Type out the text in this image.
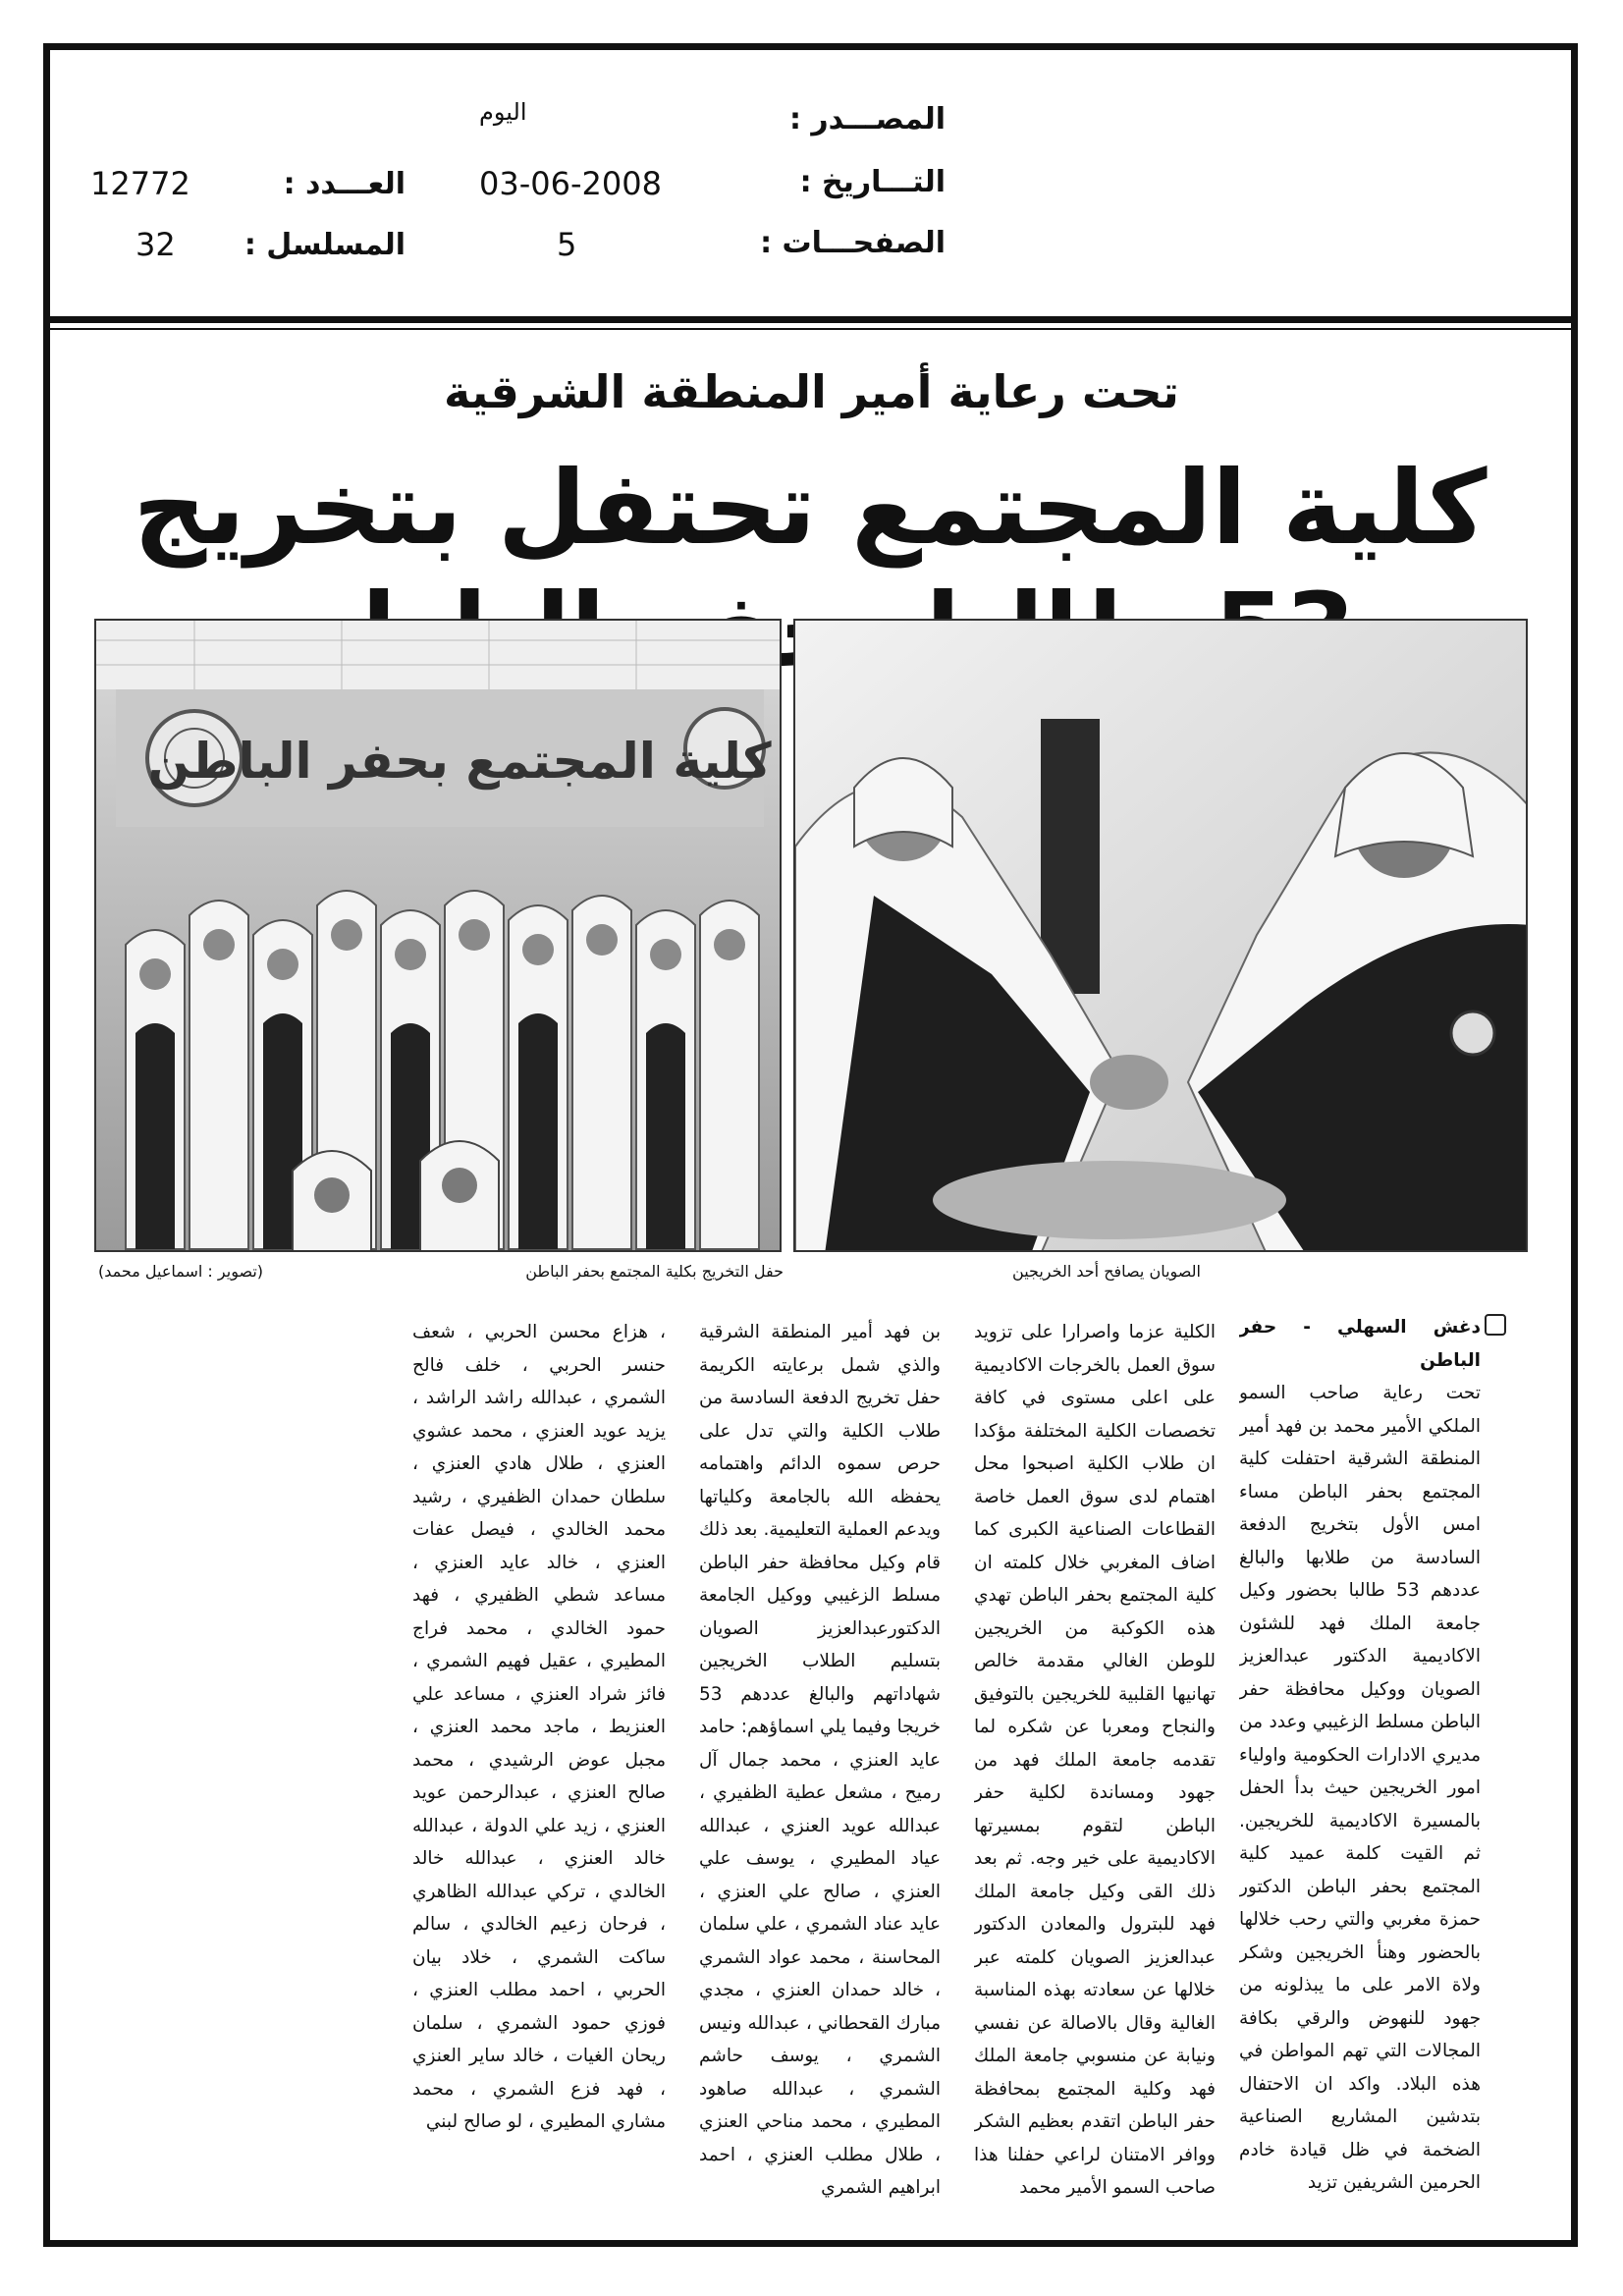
المصـــدر :
اليوم
التـــاريخ :
03-06-2008
الصفحـــات :
5
العـــدد :
12772
المسلسل :
32
تحت رعاية أمير المنطقة الشرقية
كلية المجتمع تحتفل بتخريج
كلية المجتمع بحفر الباطن
الصويان يصافح أحد الخريجين
حفل التخريج بكلية المجتمع بحفر الباطن
(تصوير : اسماعيل محمد)

دغش السهلي - حفر الباطن

تحت رعاية صاحب السمو الملكي الأمير محمد بن فهد أمير المنطقة الشرقية احتفلت كلية المجتمع بحفر الباطن مساء امس الأول بتخريج الدفعة السادسة من طلابها والبالغ عددهم 53 طالبا بحضور وكيل جامعة الملك فهد للشئون الاكاديمية الدكتور عبدالعزيز الصويان ووكيل محافظة حفر الباطن مسلط الزغيبي وعدد من مديري الادارات الحكومية واولياء امور الخريجين حيث بدأ الحفل بالمسيرة الاكاديمية للخريجين. ثم القيت كلمة عميد كلية المجتمع بحفر الباطن الدكتور حمزة مغربي والتي رحب خلالها بالحضور وهنأ الخريجين وشكر ولاة الامر على ما يبذلونه من جهود للنهوض والرقي بكافة المجالات التي تهم المواطن في هذه البلاد. واكد ان الاحتفال بتدشين المشاريع الصناعية الضخمة في ظل قيادة خادم الحرمين الشريفين تزيد

الكلية عزما واصرارا على تزويد سوق العمل بالخرجات الاكاديمية على اعلى مستوى في كافة تخصصات الكلية المختلفة مؤكدا ان طلاب الكلية اصبحوا محل اهتمام لدى سوق العمل خاصة القطاعات الصناعية الكبرى كما اضاف المغربي خلال كلمته ان كلية المجتمع بحفر الباطن تهدي هذه الكوكبة من الخريجين للوطن الغالي مقدمة خالص تهانيها القلبية للخريجين بالتوفيق والنجاح ومعربا عن شكره لما تقدمه جامعة الملك فهد من جهود ومساندة لكلية حفر الباطن لتقوم بمسيرتها الاكاديمية على خير وجه. ثم بعد ذلك القى وكيل جامعة الملك فهد للبترول والمعادن الدكتور عبدالعزيز الصويان كلمته عبر خلالها عن سعادته بهذه المناسبة الغالية وقال بالاصالة عن نفسي ونيابة عن منسوبي جامعة الملك فهد وكلية المجتمع بمحافظة حفر الباطن اتقدم بعظيم الشكر ووافر الامتنان لراعي حفلنا هذا صاحب السمو الأمير محمد

بن فهد أمير المنطقة الشرقية والذي شمل برعايته الكريمة حفل تخريج الدفعة السادسة من طلاب الكلية والتي تدل على حرص سموه الدائم واهتمامه يحفظه الله بالجامعة وكلياتها ويدعم العملية التعليمية. بعد ذلك قام وكيل محافظة حفر الباطن مسلط الزغيبي ووكيل الجامعة الدكتورعبدالعزيز الصويان بتسليم الطلاب الخريجين شهاداتهم والبالغ عددهم 53 خريجا وفيما يلي اسماؤهم: حامد عايد العنزي ، محمد جمال آل رميح ، مشعل عطية الظفيري ، عبدالله عويد العنزي ، عبدالله عياد المطيري ، يوسف علي العنزي ، صالح علي العنزي ، عايد عناد الشمري ، علي سلمان المحاسنة ، محمد عواد الشمري ، خالد حمدان العنزي ، مجدي مبارك القحطاني ، عبدالله ونيس الشمري ، يوسف حاشم الشمري ، عبدالله صاهود المطيري ، محمد مناحي العنزي ، طلال مطلب العنزي ، احمد ابراهيم الشمري

، هزاع محسن الحربي ، شعف حنسر الحربي ، خلف فالح الشمري ، عبدالله راشد الراشد ، يزيد عويد العنزي ، محمد عشوي العنزي ، طلال هادي العنزي ، سلطان حمدان الظفيري ، رشيد محمد الخالدي ، فيصل عفات العنزي ، خالد عايد العنزي ، مساعد شطي الظفيري ، فهد حمود الخالدي ، محمد فراج المطيري ، عقيل فهيم الشمري ، فائز شراد العنزي ، مساعد علي العنزيط ، ماجد محمد العنزي ، مجبل عوض الرشيدي ، محمد صالح العنزي ، عبدالرحمن عويد العنزي ، زيد علي الدولة ، عبدالله خالد العنزي ، عبدالله خالد الخالدي ، تركي عبدالله الظاهري ، فرحان زعيم الخالدي ، سالم ساكت الشمري ، خلاد بيان الحربي ، احمد مطلب العنزي ، فوزي حمود الشمري ، سلمان ريحان الغيات ، خالد ساير العنزي ، فهد فزع الشمري ، محمد مشاري المطيري ، لو صالح لبني
